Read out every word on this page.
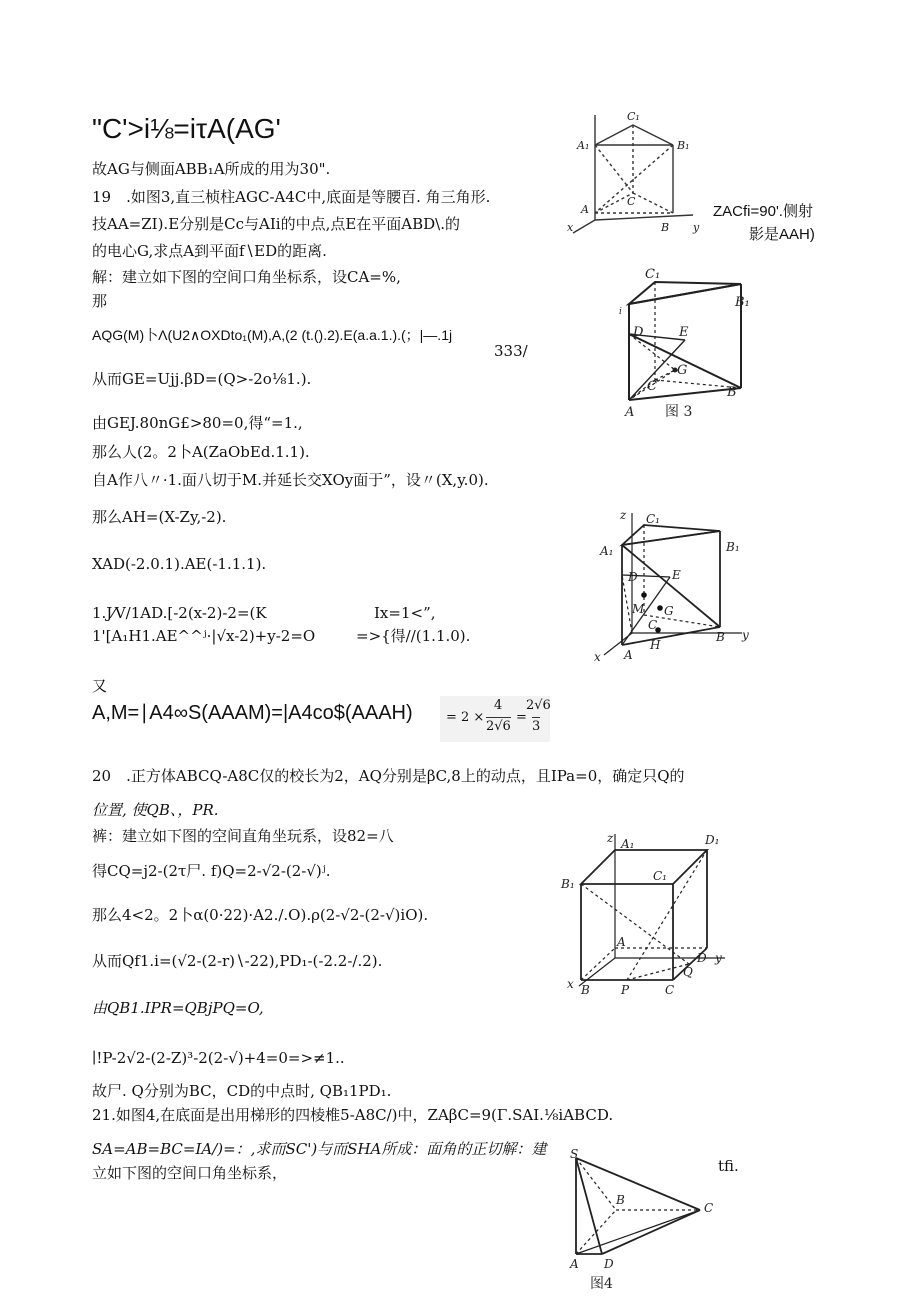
"C'>i⅛=iτA(AG'
故AG与侧面ABB₁A所成的用为30".
19　.如图3,直三桢柱AGC-A4C中,底面是等腰百. 角三角形.
技AA=ZI).E分别是Cc与AIi的中点,点E在平面ABD\.的
的电心G,求点A到平面f∖ED的距离.
解：建立如下图的空间口角坐标系，设CA=%,
那
AQG(M)卜Λ(U2∧OXDto₁(M),A,(2 (t.().2).E(a.a.1.).(；|—.1j
333/
从而GE=Ujj.βD=(Q>-2o⅛1.).
由GEJ.80nG£>80=0,得“=1.,
那么人(2。2卜A(ZaObEd.1.1).
自A作八〃·1.面八切于M.并延长交XOy面于”，设〃(X,y.0).
那么AH=(X-Zy,-2).
XAD(-2.0.1).AE(-1.1.1).
1.J⁄V/1AD.[-2(x-2)-2=(K	Ix=1<”,
1'[A₁H1.AE^^ʲ·|√x-2)+y-2=O	=>{得//(1.1.0).
又
A,M=∣A4∞S(AAAM)=|A4co$(AAAH)	= 2 ×
4
2√6
=
2√6
3
20　.正方体ABCQ-A8C仅的校长为2，AQ分别是βC,8上的动点，且IPa=0，确定只Q的
位置, 使QB、，PR.
裤：建立如下图的空间直角坐玩系，设82=八
得CQ=j2-(2τ尸. f)Q=2-√2-(2-√)ʲ.
那么4<2。2卜α(0·22)·A2./.O).ρ(2-√2-(2-√)iO).
从而Qf1.i=(√2-(2-r)∖-22),PD₁-(-2.2-/.2).
由QB1.IPR=QBjPQ=O,
∣!P-2√2-(2-Z)³-2(2-√)+4=0=>≠1..
故尸. Q分别为BC，CD的中点时, QB₁1PD₁.
21.如图4,在底面是出用梯形的四棱椎5-A8C/)中，ZAβC=9(Γ.SAI.⅛iABCD.
SA=AB=BC=IA/)=：,求而SC')与而SHA所成：面角的正切解：建
立如下图的空间口角坐标系，
ZACfi=90'.侧射
影是AAH)
tfi.
C₁
A₁	B₁
C
A
B
x	y
C₁
B₁
D	E
G
C
A
B
i
图 3
z C₁
A₁	B₁
D	E
M G
C
H
A
B
x
y
z A₁	D₁
B₁
C₁
A
D y
x B	P	C
Q
S
B
C
A D
图4
